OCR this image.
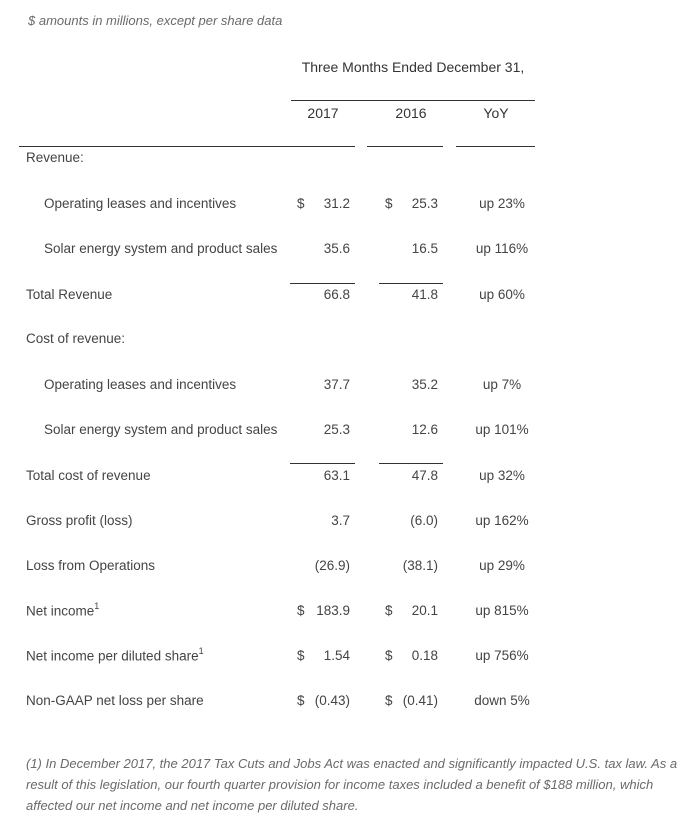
$ amounts in millions, except per share data
Three Months Ended December 31,
2017	2016	YoY
Revenue:
Operating leases and incentives	$	31.2	$	25.3	up 23%
Solar energy system and product sales	35.6	16.5	up 116%
Total Revenue	66.8	41.8	up 60%
Cost of revenue:
Operating leases and incentives	37.7	35.2	up 7%
Solar energy system and product sales	25.3	12.6	up 101%
Total cost of revenue	63.1	47.8	up 32%
Gross profit (loss)	3.7	(6.0)	up 162%
Loss from Operations	(26.9)	(38.1)	up 29%
Net income$^1$	$ 183.9	$	20.1	up 815%
Net income per diluted share$^1$	$	1.54	$	0.18	up 756%
Non-GAAP net loss per share	$ (0.43)	$ (0.41)	down 5%
(1) In December 2017, the 2017 Tax Cuts and Jobs Act was enacted and significantly impacted U.S. tax law. As a result of this legislation, our fourth quarter provision for income taxes included a benefit of $188 million, which affected our net income and net income per diluted share.
